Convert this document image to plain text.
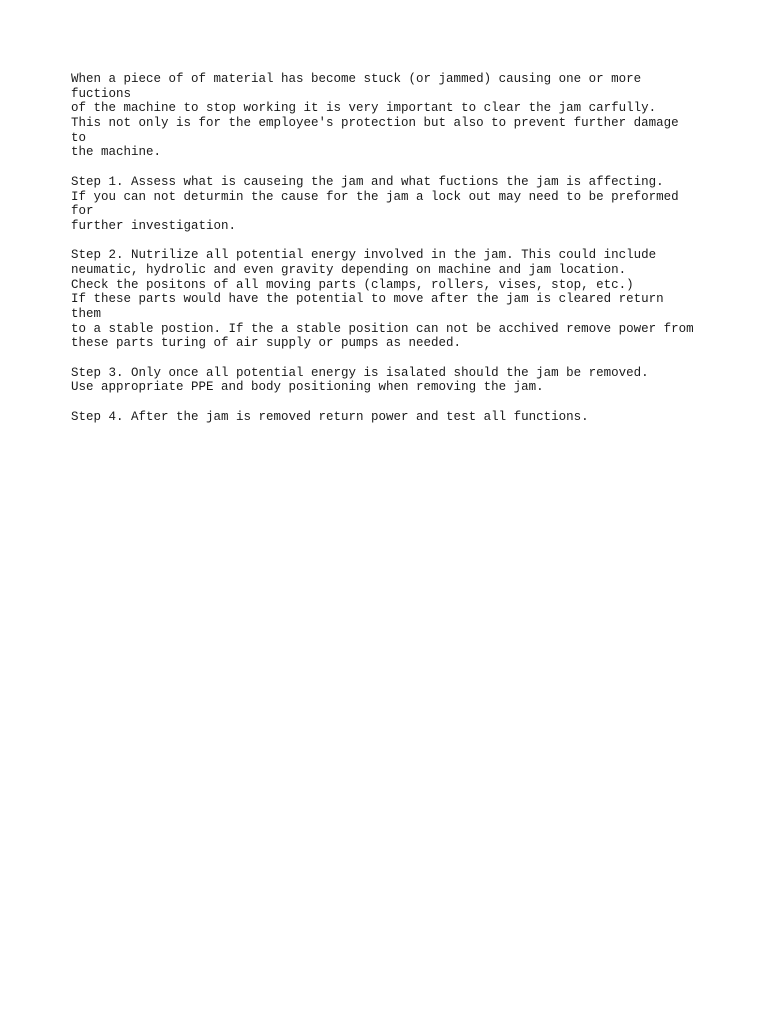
When a piece of of material has become stuck (or jammed) causing one or more
fuctions
of the machine to stop working it is very important to clear the jam carfully.
This not only is for the employee's protection but also to prevent further damage
to
the machine.
Step 1. Assess what is causeing the jam and what fuctions the jam is affecting.
If you can not deturmin the cause for the jam a lock out may need to be preformed
for
further investigation.
Step 2. Nutrilize all potential energy involved in the jam. This could include
neumatic, hydrolic and even gravity depending on machine and jam location.
Check the positons of all moving parts (clamps, rollers, vises, stop, etc.)
If these parts would have the potential to move after the jam is cleared return
them
to a stable postion. If the a stable position can not be acchived remove power from
these parts turing of air supply or pumps as needed.
Step 3. Only once all potential energy is isalated should the jam be removed.
Use appropriate PPE and body positioning when removing the jam.
Step 4. After the jam is removed return power and test all functions.
